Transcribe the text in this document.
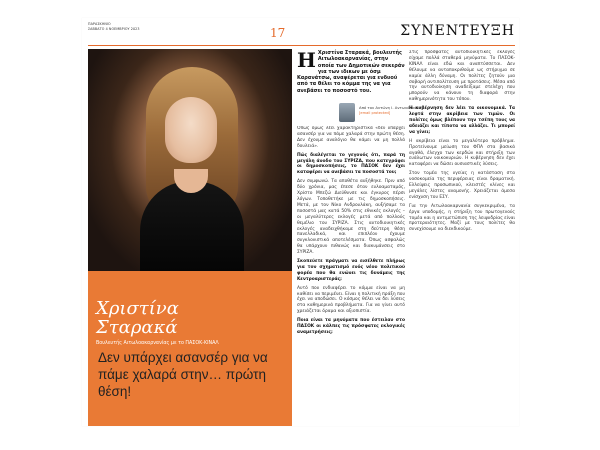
ΠΑΡΑΣΚΗΝΙΟ
ΣΑΒΒΑΤΟ 4 ΝΟΕΜΒΡΙΟΥ 2023	17	ΣΥΝΕΝΤΕΥΞΗ
Χριστίνα
Σταρακά
Βουλευτής Αιτωλοακαρνανίας με το ΠΑΣΟΚ-ΚΙΝΑΛ
Δεν υπάρχει ασανσέρ για να πάμε χαλαρά στην… πρώτη θέση!
Η Χριστίνα Σταρακά, βουλευτής Αιτωλοακαρνανίας, στην οποία των Δημοτικών σεκεράν για των ιδικων με όσμ Καρανάτσω, αναφέρεται για ενδυού από τα θέλει το κόμμα της να για ανεβάσει το ποσοστό του.
Από τον Αντώνη Ι. Αντωνόπουλο
[email protected]

Όπως όμως λέει χαρακτηριστικά «δεν υπάρχει ασανσέρ για να πάμε χαλαρά στην πρώτη θέση. Δεν έχουμε αναλόγιο θα κάμει να μη πολλά δουλειά».

Πώς διαλέγεται το γεγονός ότι, παρά τη μεγάλη άνοδο του ΣΥΡΙΖΑ, που κατεγράφει οι δημοσκοπήσεις, το ΠΑΣΟΚ δεν έχει καταφέρει να ανεβάσει τα ποσοστά του;

Δεν συμφωνώ. Τα αποθέτα αυξήθηκε. Πριν από δύο χρόνια, μας έπεσε όταν ευλοαματαμός, Χρίστο Μπεζώ Διεύθυνσε και έγκυρος πέρσι λόγων. Τοποθετήκε με τις δημοσκοπήσεις. Μετά, με τον Νίκο Ανδρουλάκη, αυξήσαμε τα ποσοστά μας κατά 50% στις εθνικές εκλογές – οι μεγαλύτερες εκλογές μετά από πολλούς θεμέλιο του ΣΥΡΙΖΑ. Στις αυτοδιοικητικές εκλογές αναδειχθήκαμε στη δεύτερη θέση πανελλαδικά, και επιπλέον έχουμε συγκλονιστικά αποτελέσματα. Όπως ασφαλώς θα υπάρχουν πιθανώς και διακυμάνσεις στο ΣΥΡΙΖΑ.

Σκοπεύετε πράγματι να εισέλθετε πλήρως για τον σχηματισμό ενός νέου πολιτικού φορέα που θα ενώνει τις δυνάμεις της Κεντροαριστεράς;

Αυτό που ενδιαφέρει το κόμμα είναι να μη καθίσει να περιμένει. Είναι η πολιτική πράξη που έχει να αποδώσει. Ο κόσμος θέλει να δει λύσεις στα καθημερινά προβλήματα. Για να γίνει αυτό χρειάζεται όραμα και αξιοπιστία.

Ποια είναι τα μηνύματα που έστειλαν στο ΠΑΣΟΚ οι κάλπες τις πρόσφατες εκλογικές αναμετρήσεις;

Στις πρόσφατες αυτοδιοικητικές εκλογές είχαμε πολλά σταθερά μηνύματα. Το ΠΑΣΟΚ-ΚΙΝΑΛ είναι εδώ και αναπτύσσεται. Δεν θέλουμε να ανταποκριθούμε ως στήριγμα σε καμία άλλη δύναμη. Οι πολίτες ζητούν μια σοβαρή αντιπολίτευση με προτάσεις. Μέσα από την αυτοδιοίκηση αναδείξαμε στελέχη που μπορούν να κάνουν τη διαφορά στην καθημερινότητα του τόπου.

Η κυβέρνηση δεν λέει τα οικονομικά. Τα λεφτά στην ακρίβεια των τιμών. Οι πολίτες όμως βλέπουν την τσέπη τους να αδειάζει και τίποτα να αλλάζει. Τι μπορεί να γίνει;

Η ακρίβεια είναι το μεγαλύτερο πρόβλημα. Προτείνουμε μείωση του ΦΠΑ στα βασικά αγαθά, έλεγχο των κερδών και στήριξη των ευάλωτων νοικοκυριών. Η κυβέρνηση δεν έχει καταφέρει να δώσει ουσιαστικές λύσεις.

Στον τομέα της υγείας η κατάσταση στα νοσοκομεία της περιφέρειας είναι δραματική. Ελλείψεις προσωπικού, κλειστές κλίνες και μεγάλες λίστες αναμονής. Χρειάζεται άμεσα ενίσχυση του ΕΣΥ.

Για την Αιτωλοακαρνανία συγκεκριμένα, τα έργα υποδομής, η στήριξη του πρωτογενούς τομέα και η αντιμετώπιση της λειψυδρίας είναι προτεραιότητες. Μαζί με τους πολίτες θα συνεχίσουμε να διεκδικούμε.
